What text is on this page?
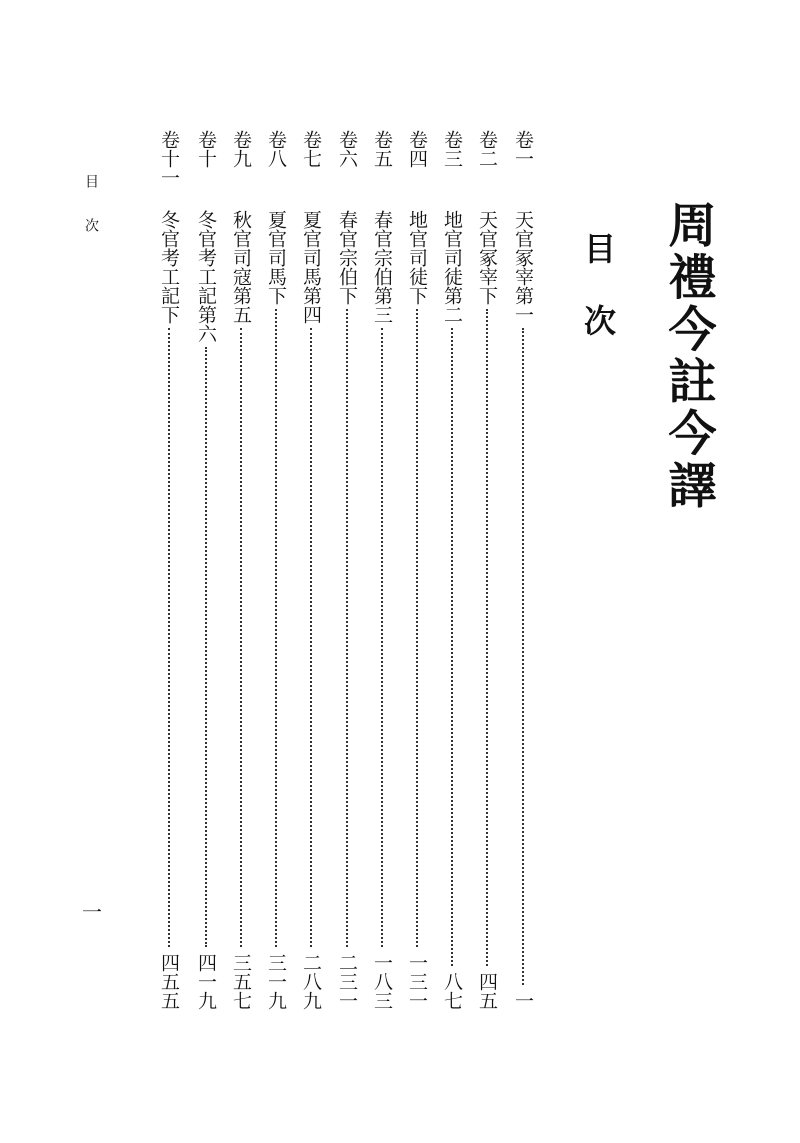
周禮今註今譯
目次
目次
一
卷一
天官冢宰第一
一
卷二
天官冢宰下
四五
卷三
地官司徒第二
八七
卷四
地官司徒下
一三一
卷五
春官宗伯第三
一八三
卷六
春官宗伯下
二三一
卷七
夏官司馬第四
二八九
卷八
夏官司馬下
三一九
卷九
秋官司寇第五
三五七
卷十
冬官考工記第六
四一九
卷十一
冬官考工記下
四五五
